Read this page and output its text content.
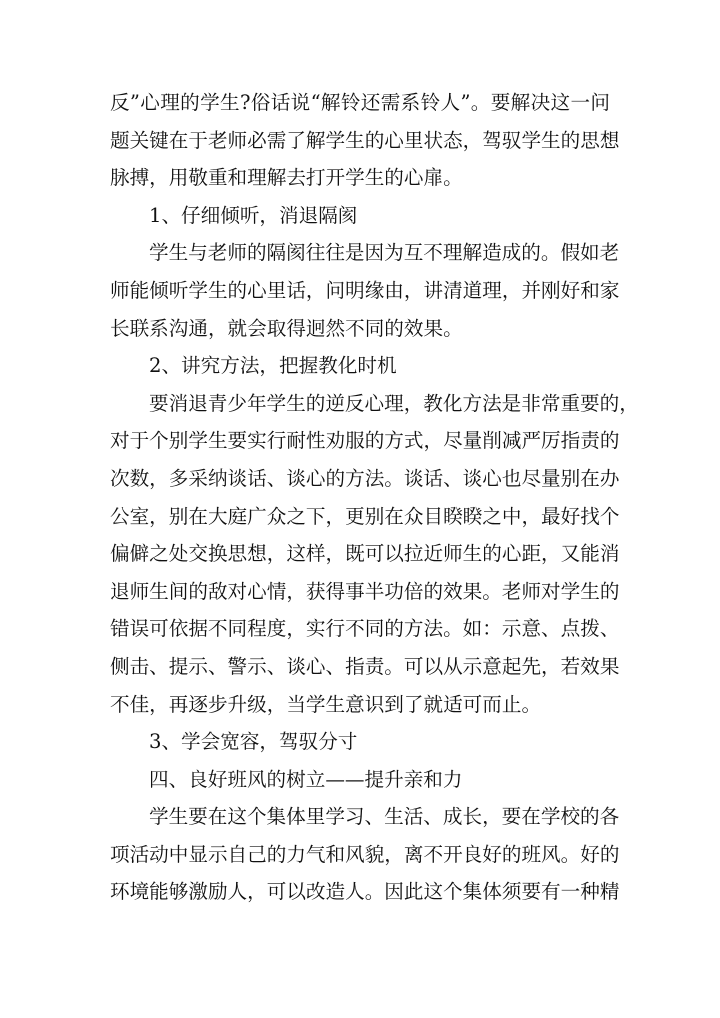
反”心理的学生?俗话说“解铃还需系铃人”。要解决这一问
题关键在于老师必需了解学生的心里状态，驾驭学生的思想
脉搏，用敬重和理解去打开学生的心扉。
1、仔细倾听，消退隔阂
学生与老师的隔阂往往是因为互不理解造成的。假如老
师能倾听学生的心里话，问明缘由，讲清道理，并刚好和家
长联系沟通，就会取得迥然不同的效果。
2、讲究方法，把握教化时机
要消退青少年学生的逆反心理，教化方法是非常重要的，
对于个别学生要实行耐性劝服的方式，尽量削减严厉指责的
次数，多采纳谈话、谈心的方法。谈话、谈心也尽量别在办
公室，别在大庭广众之下，更别在众目睽睽之中，最好找个
偏僻之处交换思想，这样，既可以拉近师生的心距，又能消
退师生间的敌对心情，获得事半功倍的效果。老师对学生的
错误可依据不同程度，实行不同的方法。如：示意、点拨、
侧击、提示、警示、谈心、指责。可以从示意起先，若效果
不佳，再逐步升级，当学生意识到了就适可而止。
3、学会宽容，驾驭分寸
四、良好班风的树立——提升亲和力
学生要在这个集体里学习、生活、成长，要在学校的各
项活动中显示自己的力气和风貌，离不开良好的班风。好的
环境能够激励人，可以改造人。因此这个集体须要有一种精
